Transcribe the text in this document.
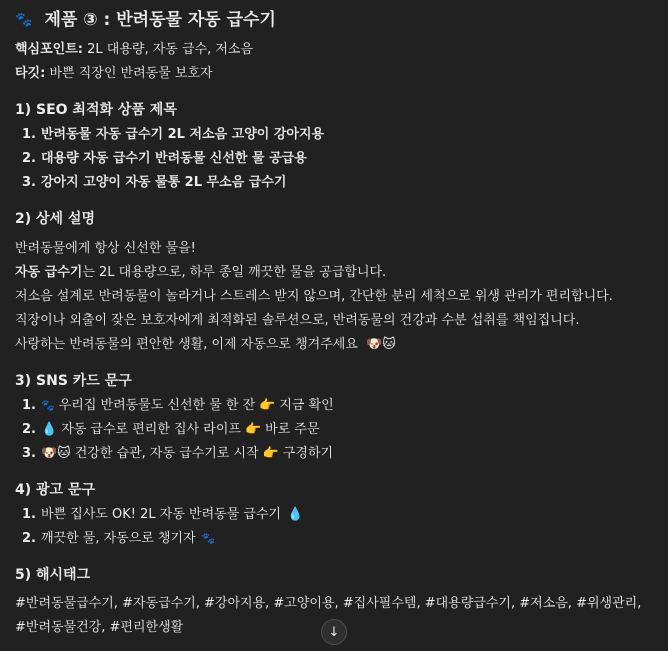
🐾 제품 ③ : 반려동물 자동 급수기
핵심포인트: 2L 대용량, 자동 급수, 저소음
타깃: 바쁜 직장인 반려동물 보호자
1) SEO 최적화 상품 제목
1. 반려동물 자동 급수기 2L 저소음 고양이 강아지용
2. 대용량 자동 급수기 반려동물 신선한 물 공급용
3. 강아지 고양이 자동 물통 2L 무소음 급수기
2) 상세 설명
반려동물에게 항상 신선한 물을!
자동 급수기는 2L 대용량으로, 하루 종일 깨끗한 물을 공급합니다.
저소음 설계로 반려동물이 놀라거나 스트레스 받지 않으며, 간단한 분리 세척으로 위생 관리가 편리합니다.
직장이나 외출이 잦은 보호자에게 최적화된 솔루션으로, 반려동물의 건강과 수분 섭취를 책임집니다.
사랑하는 반려동물의 편안한 생활, 이제 자동으로 챙겨주세요 🐶🐱
3) SNS 카드 문구
1. 🐾 우리집 반려동물도 신선한 물 한 잔 👉 지금 확인
2. 💧 자동 급수로 편리한 집사 라이프 👉 바로 주문
3. 🐶🐱 건강한 습관, 자동 급수기로 시작 👉 구경하기
4) 광고 문구
1. 바쁜 집사도 OK! 2L 자동 반려동물 급수기 💧
2. 깨끗한 물, 자동으로 챙기자 🐾
5) 해시태그
#반려동물급수기, #자동급수기, #강아지용, #고양이용, #집사필수템, #대용량급수기, #저소음, #위생관리,
#반려동물건강, #편리한생활	↓
